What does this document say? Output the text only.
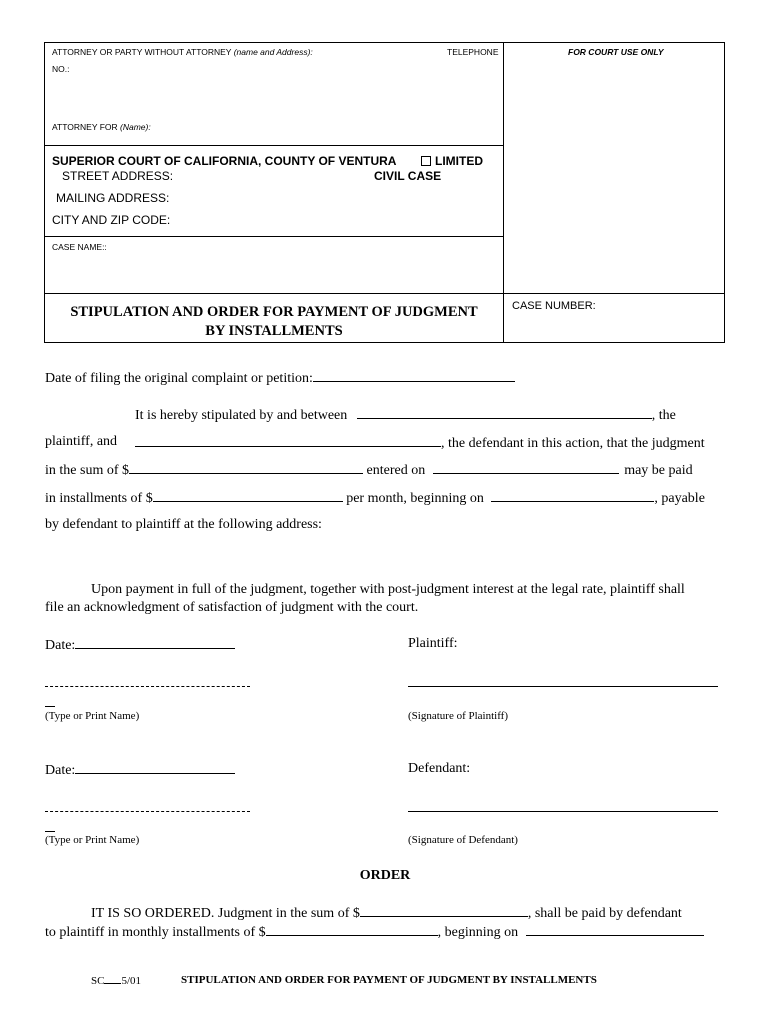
ATTORNEY OR PARTY WITHOUT ATTORNEY (name and Address):	TELEPHONE	FOR COURT USE ONLY
NO.:
ATTORNEY FOR (Name):
SUPERIOR COURT OF CALIFORNIA, COUNTY OF VENTURA	LIMITED
STREET ADDRESS:	CIVIL CASE
MAILING ADDRESS:
CITY AND ZIP CODE:
CASE NAME::
STIPULATION AND ORDER FOR PAYMENT OF JUDGMENT
BY INSTALLMENTS
CASE NUMBER:
Date of filing the original complaint or petition:
It is hereby stipulated by and between	, the
plaintiff, and	, the defendant in this action, that the judgment
in the sum of $	entered on	may be paid
in installments of $	per month, beginning on	, payable
by defendant to plaintiff at the following address:
Upon payment in full of the judgment, together with post-judgment interest at the legal rate, plaintiff shall
file an acknowledgment of satisfaction of judgment with the court.
Date:	Plaintiff:
(Type or Print Name)	(Signature of Plaintiff)
Date:	Defendant:
(Type or Print Name)	(Signature of Defendant)
ORDER
IT IS SO ORDERED. Judgment in the sum of $	, shall be paid by defendant
to plaintiff in monthly installments of $	, beginning on
SC 5/01	STIPULATION AND ORDER FOR PAYMENT OF JUDGMENT BY INSTALLMENTS
